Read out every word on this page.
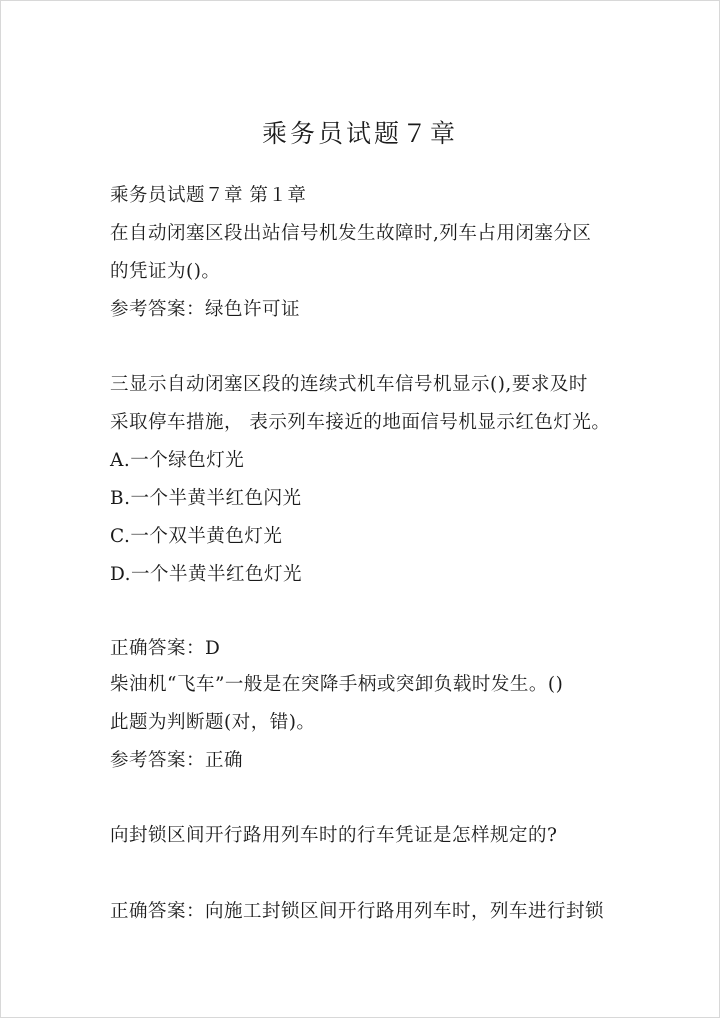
乘务员试题７章
乘务员试题７章 第１章
在自动闭塞区段出站信号机发生故障时,列车占用闭塞分区
的凭证为()。
参考答案：绿色许可证
三显示自动闭塞区段的连续式机车信号机显示(),要求及时
采取停车措施， 表示列车接近的地面信号机显示红色灯光。
A.一个绿色灯光
B.一个半黄半红色闪光
C.一个双半黄色灯光
D.一个半黄半红色灯光
正确答案：D
柴油机“飞车”一般是在突降手柄或突卸负载时发生。()
此题为判断题(对，错)。
参考答案：正确
向封锁区间开行路用列车时的行车凭证是怎样规定的?
正确答案：向施工封锁区间开行路用列车时，列车进行封锁
